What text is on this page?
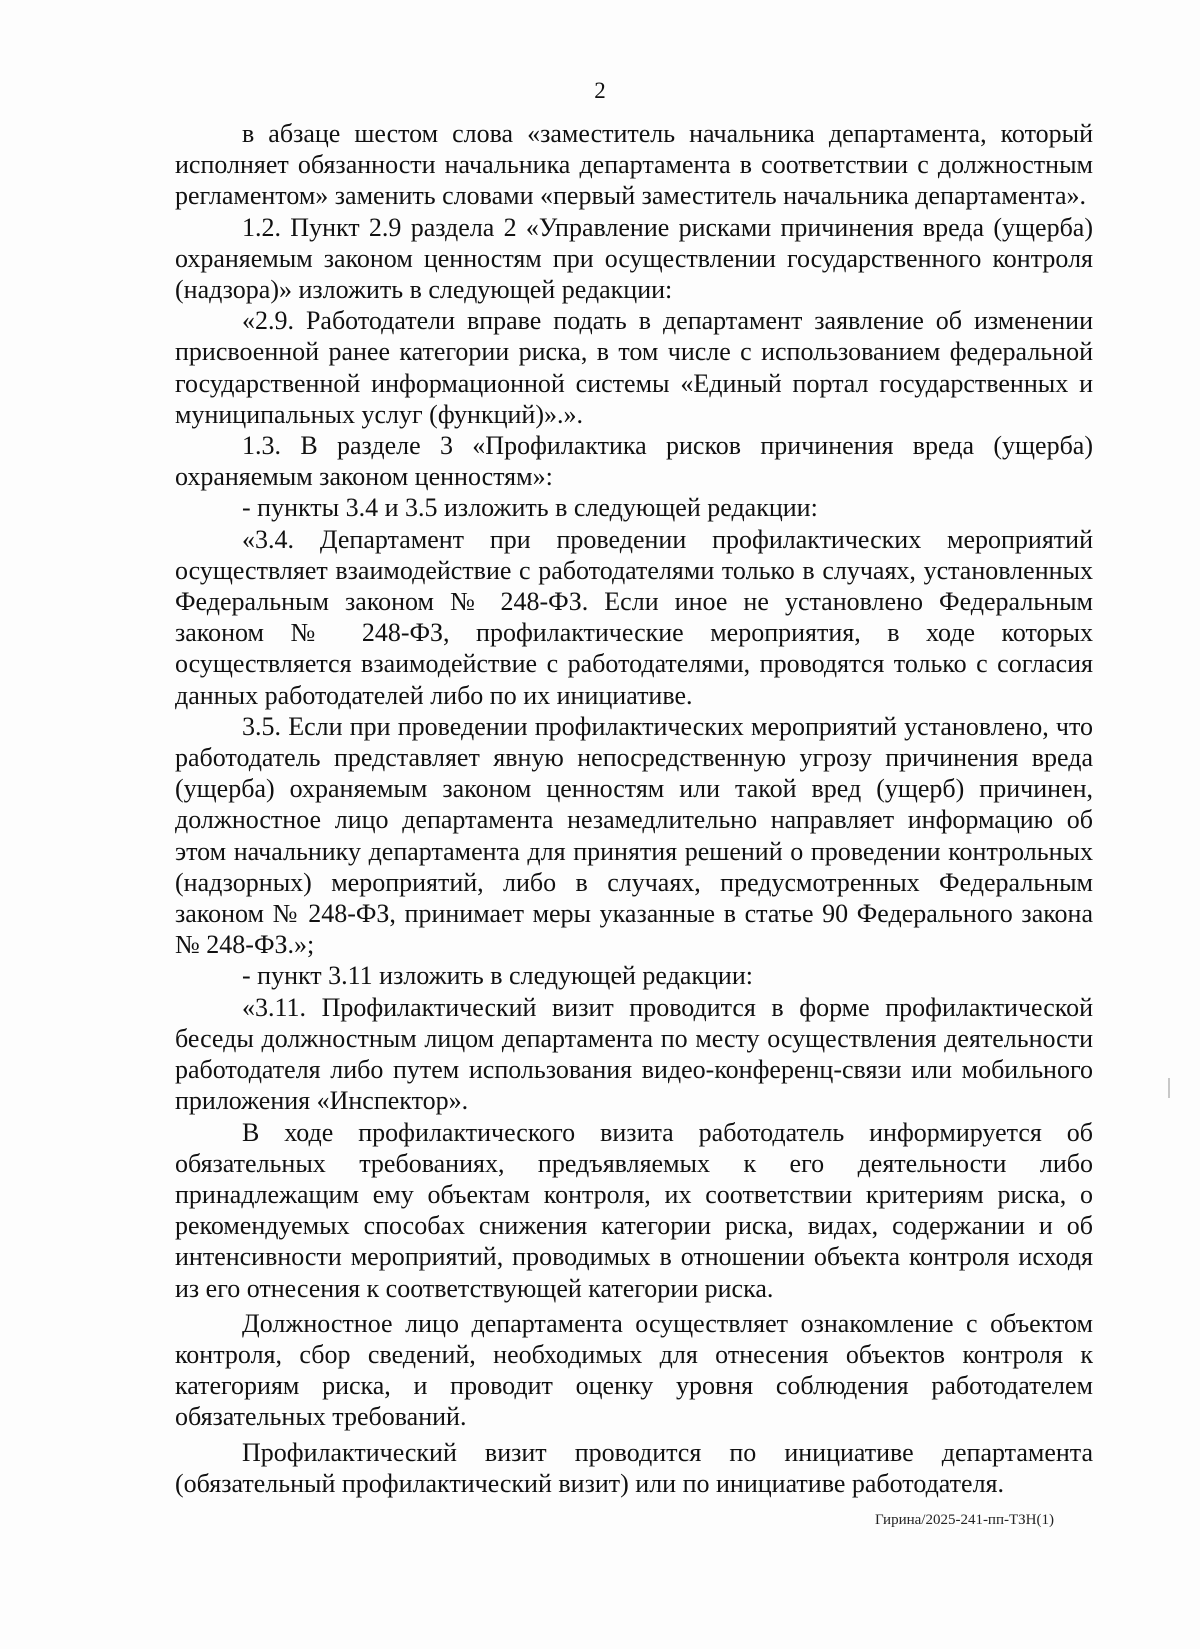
2

в абзаце шестом слова «заместитель начальника департамента, который исполняет обязанности начальника департамента в соответствии с должностным регламентом» заменить словами «первый заместитель начальника департамента».

1.2. Пункт 2.9 раздела 2 «Управление рисками причинения вреда (ущерба) охраняемым законом ценностям при осуществлении государственного контроля (надзора)» изложить в следующей редакции:

«2.9. Работодатели вправе подать в департамент заявление об изменении присвоенной ранее категории риска, в том числе с использованием федеральной государственной информационной системы «Единый портал государственных и муниципальных услуг (функций)».».

1.3. В разделе 3 «Профилактика рисков причинения вреда (ущерба) охраняемым законом ценностям»:

- пункты 3.4 и 3.5 изложить в следующей редакции:

«3.4. Департамент при проведении профилактических мероприятий осуществляет взаимодействие с работодателями только в случаях, установленных Федеральным законом № 248-ФЗ. Если иное не установлено Федеральным законом № 248-ФЗ, профилактические мероприятия, в ходе которых осуществляется взаимодействие с работодателями, проводятся только с согласия данных работодателей либо по их инициативе.

3.5. Если при проведении профилактических мероприятий установлено, что работодатель представляет явную непосредственную угрозу причинения вреда (ущерба) охраняемым законом ценностям или такой вред (ущерб) причинен, должностное лицо департамента незамедлительно направляет информацию об этом начальнику департамента для принятия решений о проведении контрольных (надзорных) мероприятий, либо в случаях, предусмотренных Федеральным законом № 248-ФЗ, принимает меры указанные в статье 90 Федерального закона № 248-ФЗ.»;

- пункт 3.11 изложить в следующей редакции:

«3.11. Профилактический визит проводится в форме профилактической беседы должностным лицом департамента по месту осуществления деятельности работодателя либо путем использования видео-конференц-связи или мобильного приложения «Инспектор».

В ходе профилактического визита работодатель информируется об обязательных требованиях, предъявляемых к его деятельности либо принадлежащим ему объектам контроля, их соответствии критериям риска, о рекомендуемых способах снижения категории риска, видах, содержании и об интенсивности мероприятий, проводимых в отношении объекта контроля исходя из его отнесения к соответствующей категории риска.

Должностное лицо департамента осуществляет ознакомление с объектом контроля, сбор сведений, необходимых для отнесения объектов контроля к категориям риска, и проводит оценку уровня соблюдения работодателем обязательных требований.

Профилактический визит проводится по инициативе департамента (обязательный профилактический визит) или по инициативе работодателя.

Гирина/2025-241-пп-ТЗН(1)
